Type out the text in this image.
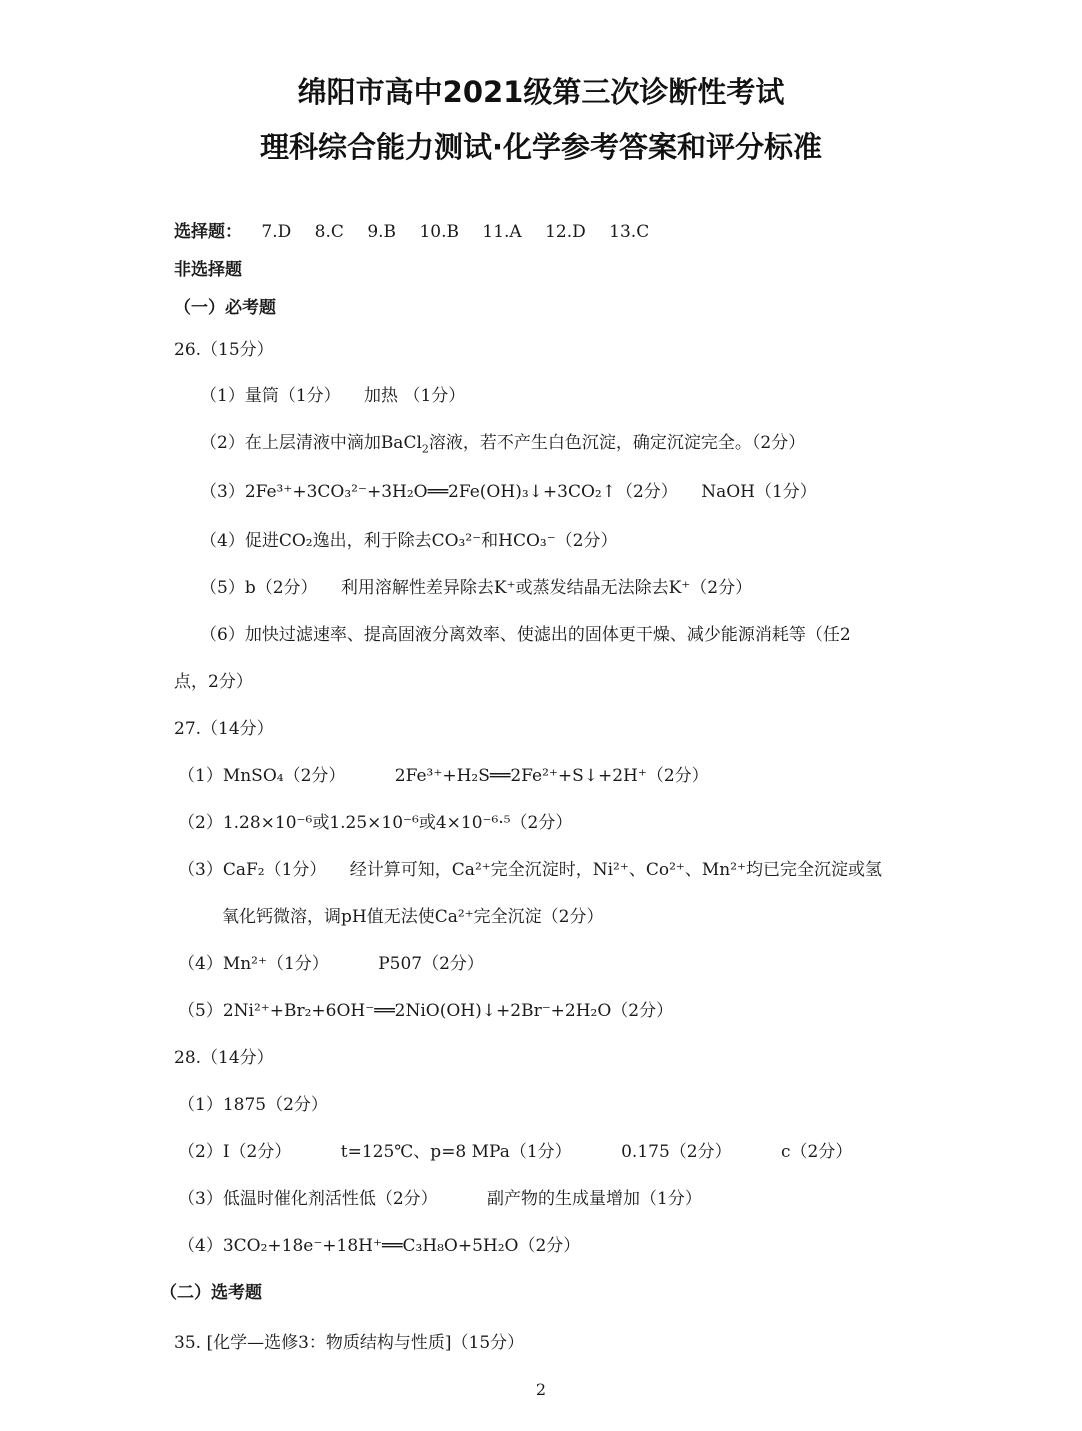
绵阳市高中2021级第三次诊断性考试
理科综合能力测试·化学参考答案和评分标准
选择题： 7.D 8.C 9.B 10.B 11.A 12.D 13.C
非选择题
（一）必考题
26.（15分）
（1）量筒（1分） 加热 （1分）
（2）在上层清液中滴加BaCl$_2$溶液，若不产生白色沉淀，确定沉淀完全。（2分）
（3）2Fe³⁺+3CO₃²⁻+3H₂O══2Fe(OH)₃↓+3CO₂↑（2分） NaOH（1分）
（4）促进CO₂逸出，利于除去CO₃²⁻和HCO₃⁻（2分）
（5）b（2分） 利用溶解性差异除去K⁺或蒸发结晶无法除去K⁺（2分）
（6）加快过滤速率、提高固液分离效率、使滤出的固体更干燥、减少能源消耗等（任2
点，2分）
27.（14分）
（1）MnSO₄（2分）	2Fe³⁺+H₂S══2Fe²⁺+S↓+2H⁺（2分）
（2）1.28×10⁻⁶或1.25×10⁻⁶或4×10⁻⁶·⁵（2分）
（3）CaF₂（1分） 经计算可知，Ca²⁺完全沉淀时，Ni²⁺、Co²⁺、Mn²⁺均已完全沉淀或氢
氧化钙微溶，调pH值无法使Ca²⁺完全沉淀（2分）
（4）Mn²⁺（1分）	P507（2分）
（5）2Ni²⁺+Br₂+6OH⁻══2NiO(OH)↓+2Br⁻+2H₂O（2分）
28.（14分）
（1）1875（2分）
（2）I（2分）	t=125℃、p=8 MPa（1分）	0.175（2分）	c（2分）
（3）低温时催化剂活性低（2分）	副产物的生成量增加（1分）
（4）3CO₂+18e⁻+18H⁺══C₃H₈O+5H₂O（2分）
（二）选考题
35. [化学—选修3：物质结构与性质]（15分）
2
